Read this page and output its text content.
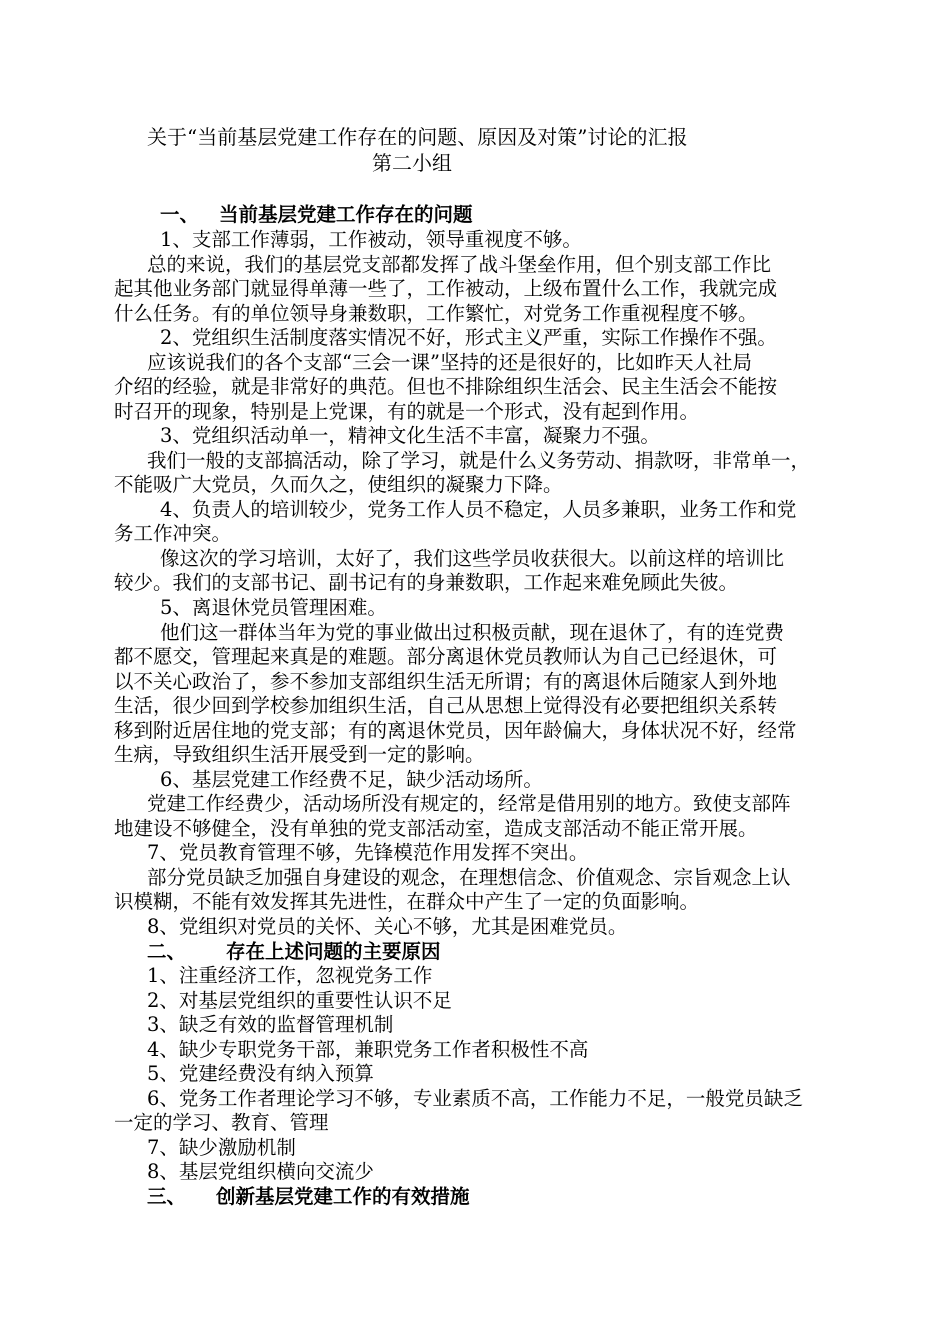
关于“当前基层党建工作存在的问题、原因及对策”讨论的汇报

第二小组

一、 当前基层党建工作存在的问题

1、支部工作薄弱，工作被动，领导重视度不够。

总的来说，我们的基层党支部都发挥了战斗堡垒作用，但个别支部工作比

起其他业务部门就显得单薄一些了，工作被动，上级布置什么工作，我就完成

什么任务。有的单位领导身兼数职，工作繁忙，对党务工作重视程度不够。

2、党组织生活制度落实情况不好，形式主义严重，实际工作操作不强。

应该说我们的各个支部“三会一课”坚持的还是很好的，比如昨天人社局

介绍的经验，就是非常好的典范。但也不排除组织生活会、民主生活会不能按

时召开的现象，特别是上党课，有的就是一个形式，没有起到作用。

3、党组织活动单一，精神文化生活不丰富，凝聚力不强。

我们一般的支部搞活动，除了学习，就是什么义务劳动、捐款呀，非常单一，

不能吸广大党员，久而久之，使组织的凝聚力下降。

4、负责人的培训较少，党务工作人员不稳定，人员多兼职，业务工作和党

务工作冲突。

像这次的学习培训，太好了，我们这些学员收获很大。以前这样的培训比

较少。我们的支部书记、副书记有的身兼数职，工作起来难免顾此失彼。

5、离退休党员管理困难。

他们这一群体当年为党的事业做出过积极贡献，现在退休了，有的连党费

都不愿交，管理起来真是的难题。部分离退休党员教师认为自己已经退休，可

以不关心政治了，参不参加支部组织生活无所谓；有的离退休后随家人到外地

生活，很少回到学校参加组织生活，自己从思想上觉得没有必要把组织关系转

移到附近居住地的党支部；有的离退休党员，因年龄偏大，身体状况不好，经常

生病，导致组织生活开展受到一定的影响。

6、基层党建工作经费不足，缺少活动场所。

党建工作经费少，活动场所没有规定的，经常是借用别的地方。致使支部阵

地建设不够健全，没有单独的党支部活动室，造成支部活动不能正常开展。

7、党员教育管理不够，先锋模范作用发挥不突出。

部分党员缺乏加强自身建设的观念，在理想信念、价值观念、宗旨观念上认

识模糊，不能有效发挥其先进性，在群众中产生了一定的负面影响。

8、党组织对党员的关怀、关心不够，尤其是困难党员。

二、 存在上述问题的主要原因

1、注重经济工作，忽视党务工作

2、对基层党组织的重要性认识不足

3、缺乏有效的监督管理机制

4、缺少专职党务干部，兼职党务工作者积极性不高

5、党建经费没有纳入预算

6、党务工作者理论学习不够，专业素质不高，工作能力不足，一般党员缺乏

一定的学习、教育、管理

7、缺少激励机制

8、基层党组织横向交流少

三、 创新基层党建工作的有效措施
